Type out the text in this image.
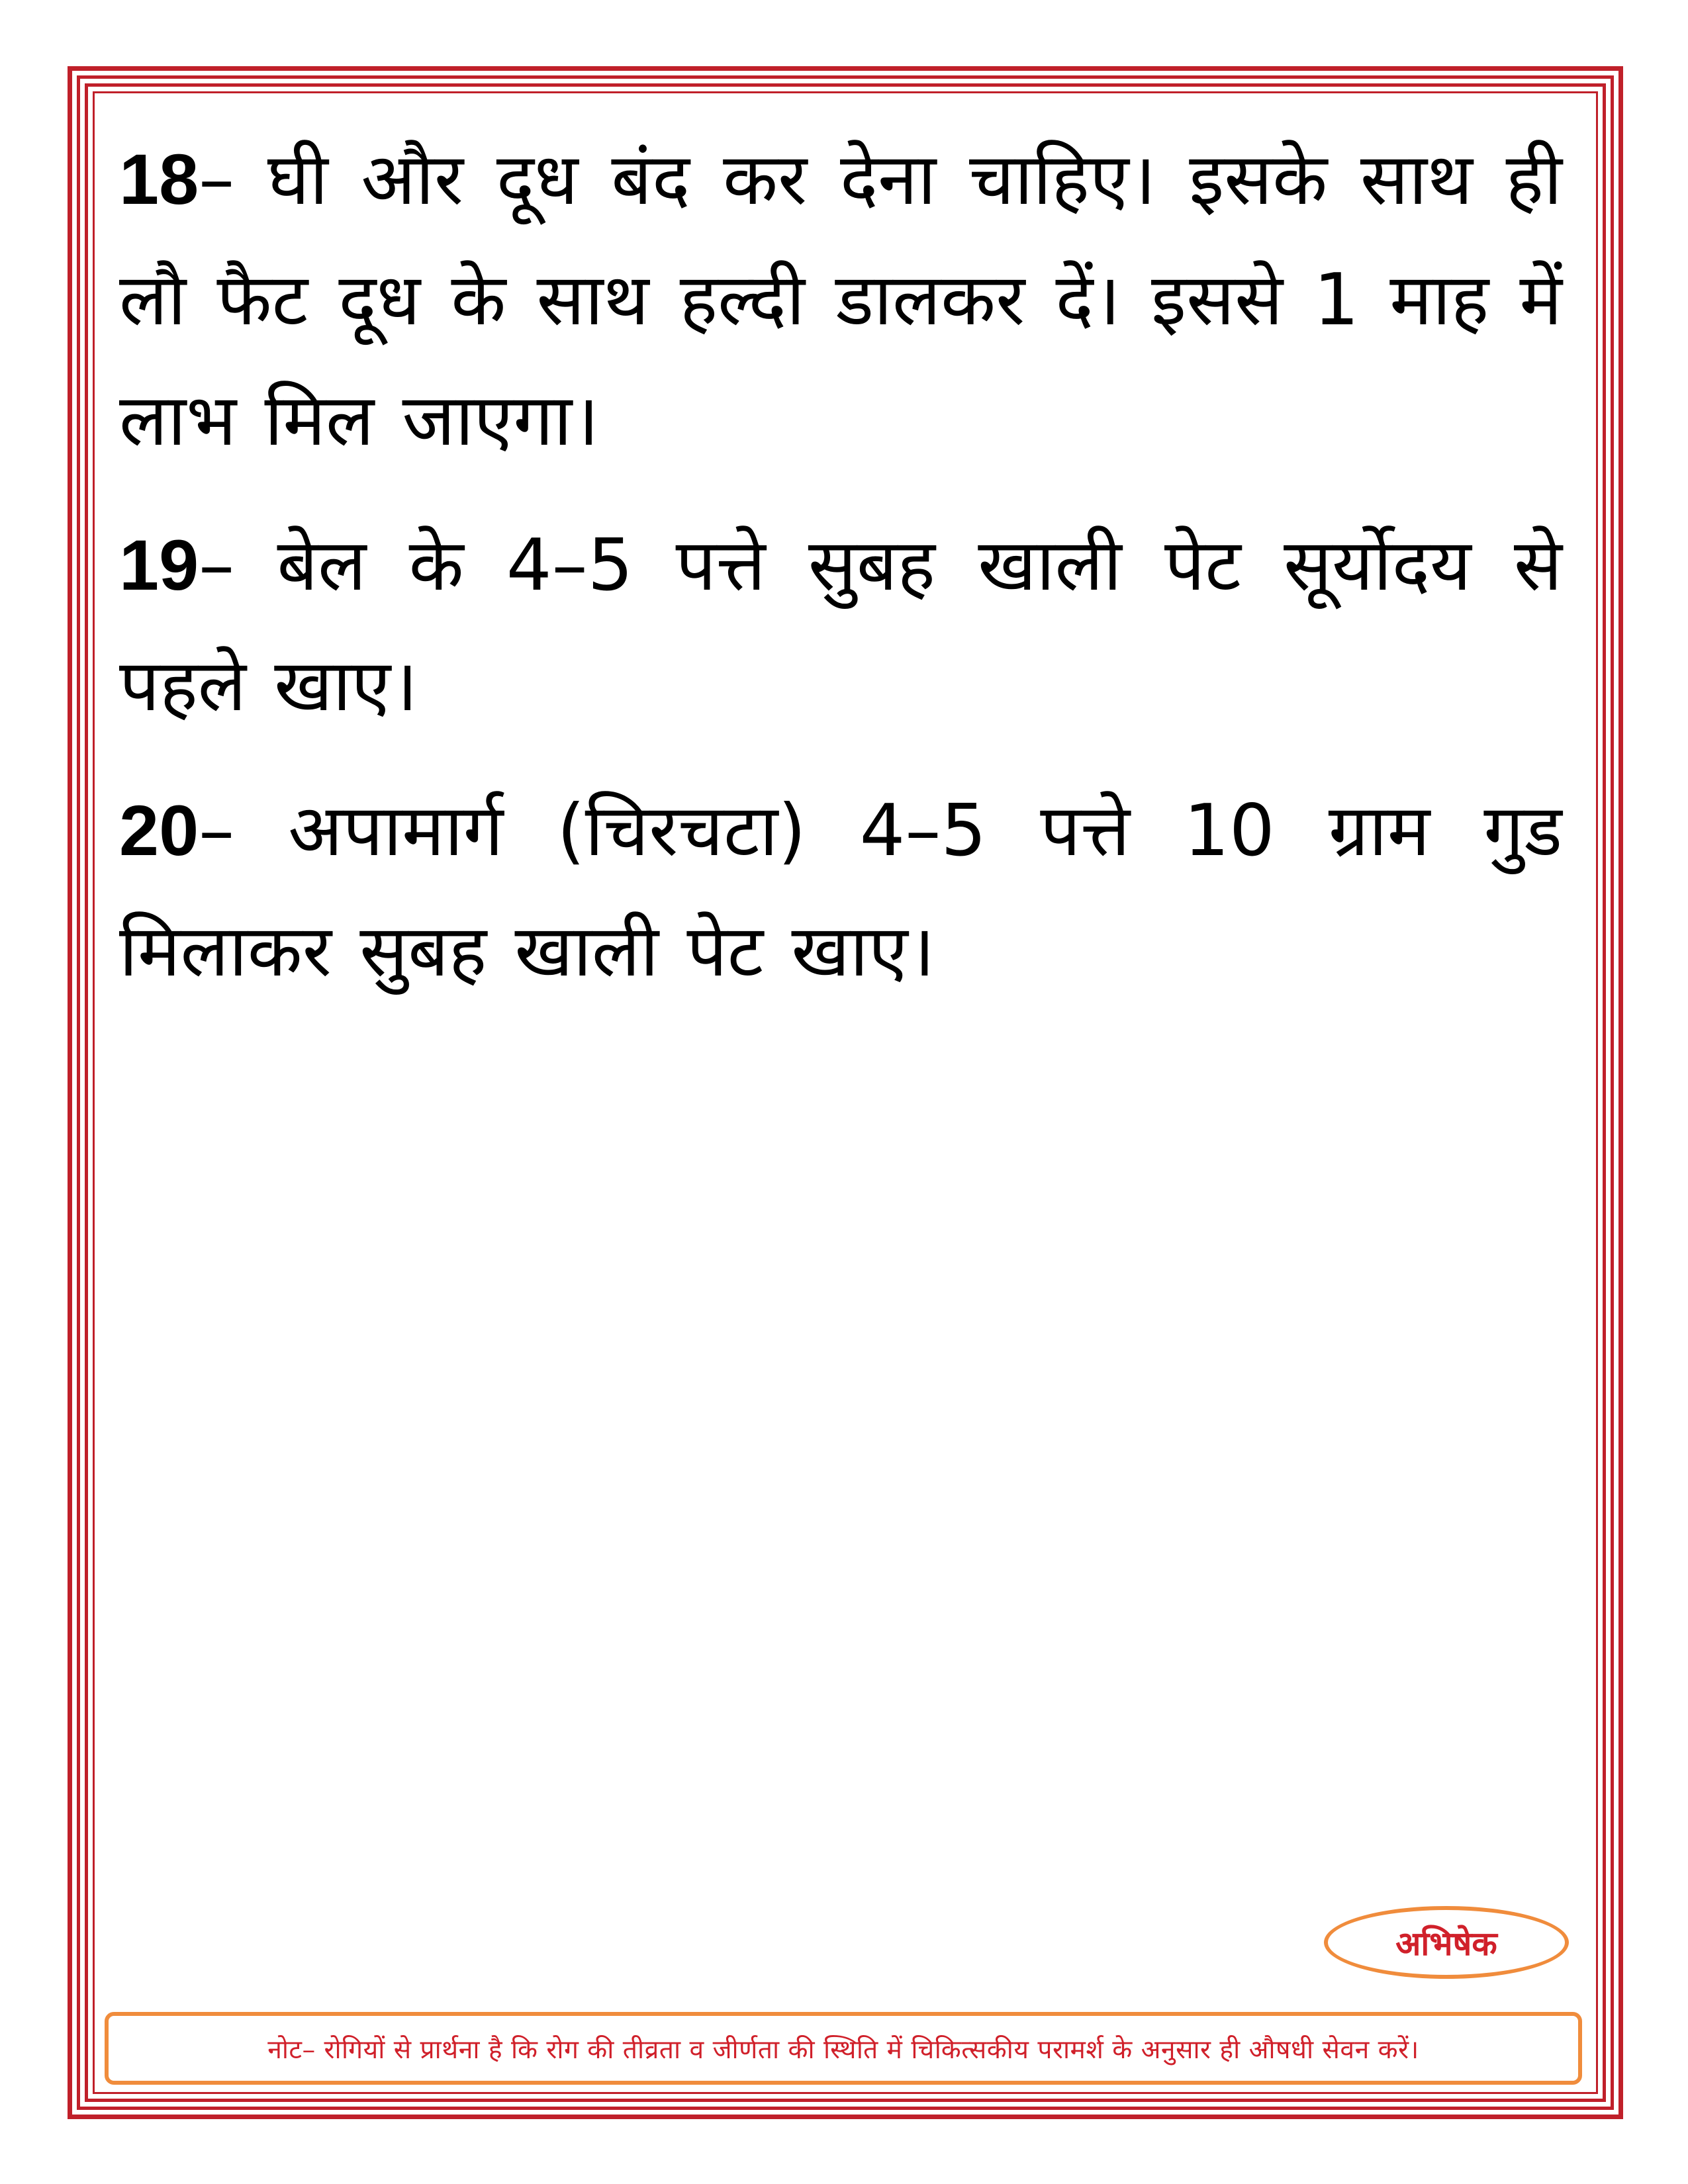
18– घी और दूध बंद कर देना चाहिए। इसके साथ ही लौ फैट दूध के साथ हल्दी डालकर दें। इससे 1 माह में लाभ मिल जाएगा।

19– बेल के 4–5 पत्ते सुबह खाली पेट सूर्योदय से पहले खाए।

20– अपामार्ग (चिरचटा) 4–5 पत्ते 10 ग्राम गुड मिलाकर सुबह खाली पेट खाए।

अभिषेक
नोट– रोगियों से प्रार्थना है कि रोग की तीव्रता व जीर्णता की स्थिति में चिकित्सकीय परामर्श के अनुसार ही औषधी सेवन करें।
